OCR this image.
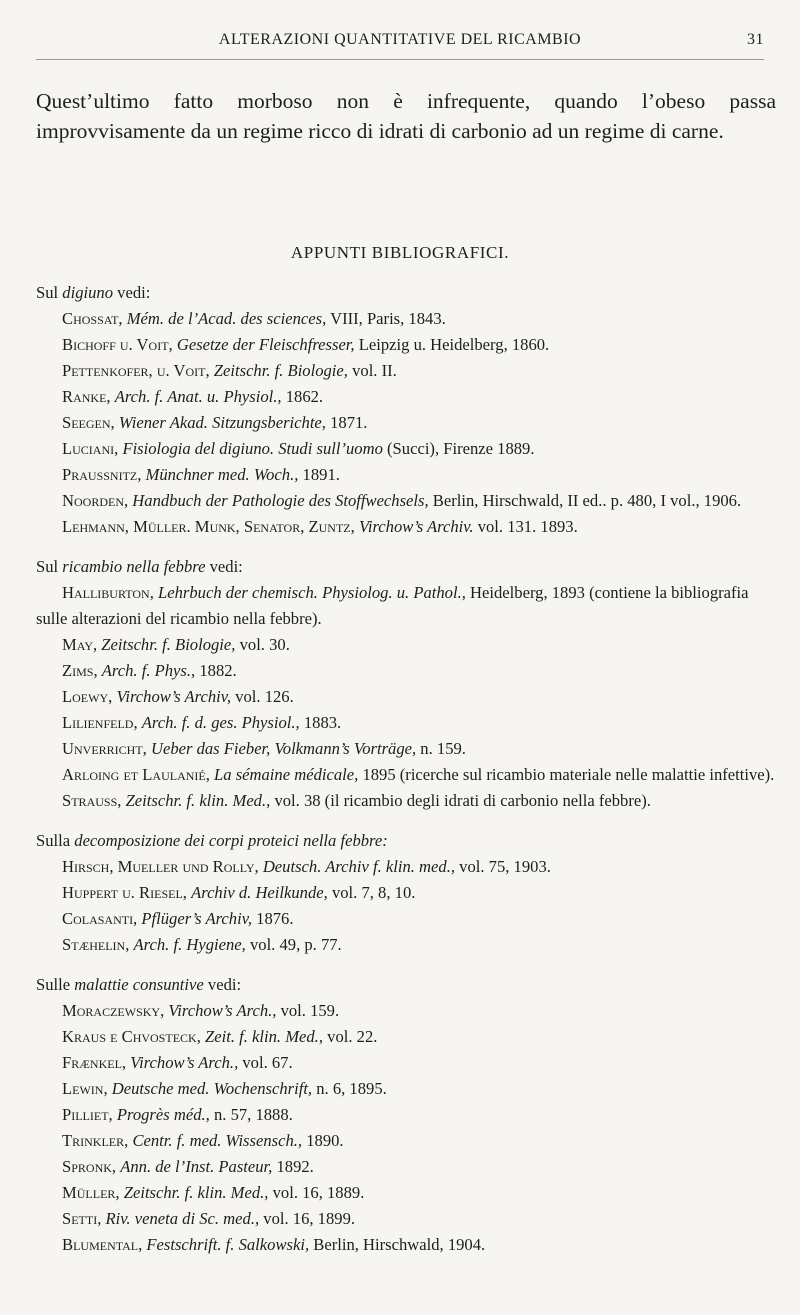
ALTERAZIONI QUANTITATIVE DEL RICAMBIO	31

Quest’ultimo fatto morboso non è infrequente, quando l’obeso passa improvvisamente da un regime ricco di idrati di carbonio ad un regime di carne.

APPUNTI BIBLIOGRAFICI.
Sul digiuno vedi:
Chossat, Mém. de l’Acad. des sciences, VIII, Paris, 1843.
Bichoff u. Voit, Gesetze der Fleischfresser, Leipzig u. Heidelberg, 1860.
Pettenkofer, u. Voit, Zeitschr. f. Biologie, vol. II.
Ranke, Arch. f. Anat. u. Physiol., 1862.
Seegen, Wiener Akad. Sitzungsberichte, 1871.
Luciani, Fisiologia del digiuno. Studi sull’uomo (Succi), Firenze 1889.
Praussnitz, Münchner med. Woch., 1891.
Noorden, Handbuch der Pathologie des Stoffwechsels, Berlin, Hirschwald, II ed.. p. 480, I vol., 1906.
Lehmann, Müller. Munk, Senator, Zuntz, Virchow’s Archiv. vol. 131. 1893.
Sul ricambio nella febbre vedi:
Halliburton, Lehrbuch der chemisch. Physiolog. u. Pathol., Heidelberg, 1893 (contiene la bibliografia sulle alterazioni del ricambio nella febbre).
May, Zeitschr. f. Biologie, vol. 30.
Zims, Arch. f. Phys., 1882.
Loewy, Virchow’s Archiv, vol. 126.
Lilienfeld, Arch. f. d. ges. Physiol., 1883.
Unverricht, Ueber das Fieber, Volkmann’s Vorträge, n. 159.
Arloing et Laulanié, La sémaine médicale, 1895 (ricerche sul ricambio materiale nelle malattie infettive).
Strauss, Zeitschr. f. klin. Med., vol. 38 (il ricambio degli idrati di carbonio nella febbre).
Sulla decomposizione dei corpi proteici nella febbre:
Hirsch, Mueller und Rolly, Deutsch. Archiv f. klin. med., vol. 75, 1903.
Huppert u. Riesel, Archiv d. Heilkunde, vol. 7, 8, 10.
Colasanti, Pflüger’s Archiv, 1876.
Stæhelin, Arch. f. Hygiene, vol. 49, p. 77.
Sulle malattie consuntive vedi:
Moraczewsky, Virchow’s Arch., vol. 159.
Kraus e Chvosteck, Zeit. f. klin. Med., vol. 22.
Frænkel, Virchow’s Arch., vol. 67.
Lewin, Deutsche med. Wochenschrift, n. 6, 1895.
Pilliet, Progrès méd., n. 57, 1888.
Trinkler, Centr. f. med. Wissensch., 1890.
Spronk, Ann. de l’Inst. Pasteur, 1892.
Müller, Zeitschr. f. klin. Med., vol. 16, 1889.
Setti, Riv. veneta di Sc. med., vol. 16, 1899.
Blumental, Festschrift. f. Salkowski, Berlin, Hirschwald, 1904.
